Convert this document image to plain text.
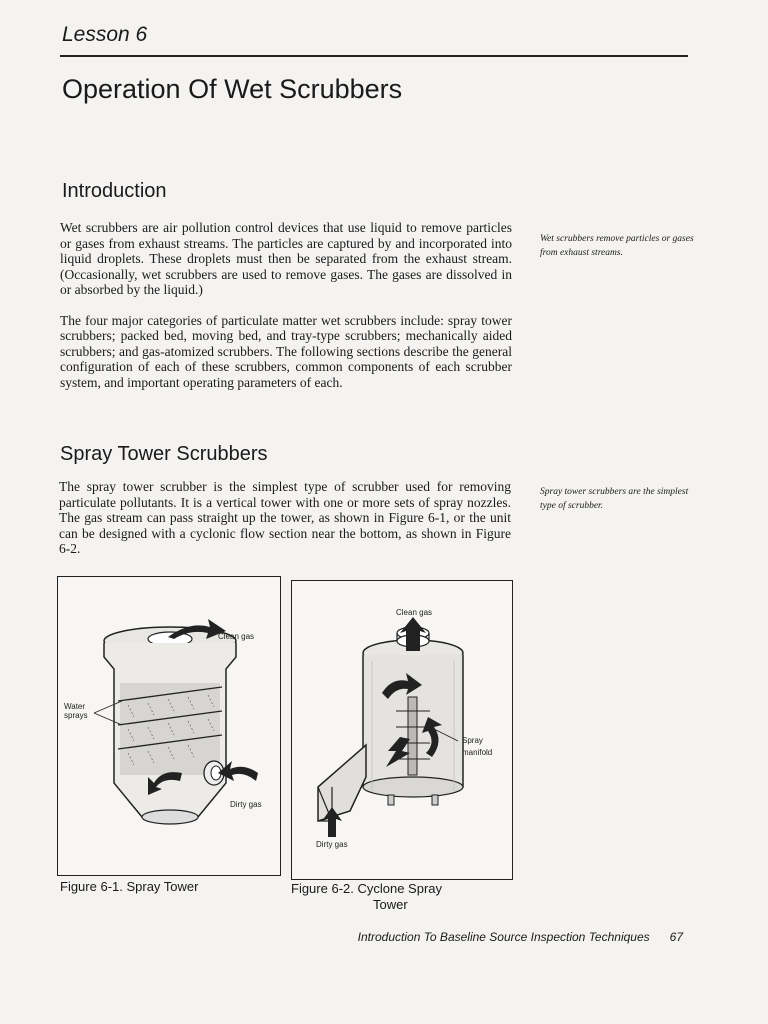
Lesson 6
Operation Of Wet Scrubbers
Introduction

Wet scrubbers are air pollution control devices that use liquid to remove particles or gases from exhaust streams. The particles are captured by and incorporated into liquid droplets. These droplets must then be separated from the exhaust stream. (Occasionally, wet scrubbers are used to remove gases. The gases are dissolved in or absorbed by the liquid.)

The four major categories of particulate matter wet scrubbers include: spray tower scrubbers; packed bed, moving bed, and tray-type scrubbers; mechanically aided scrubbers; and gas-atomized scrubbers. The following sections describe the general configuration of each of these scrubbers, common components of each scrubber system, and important operating parameters of each.

Wet scrubbers remove particles or gases from exhaust streams.
Spray Tower Scrubbers

The spray tower scrubber is the simplest type of scrubber used for removing particulate pollutants. It is a vertical tower with one or more sets of spray nozzles. The gas stream can pass straight up the tower, as shown in Figure 6-1, or the unit can be designed with a cyclonic flow section near the bottom, as shown in Figure 6-2.

Spray tower scrubbers are the simplest type of scrubber.
Clean gas
Water
sprays
Dirty gas
Figure 6-1. Spray Tower
Clean gas
Spray
manifold
Dirty gas
Figure 6-2. Cyclone Spray
Tower
Introduction To Baseline Source Inspection Techniques 67
